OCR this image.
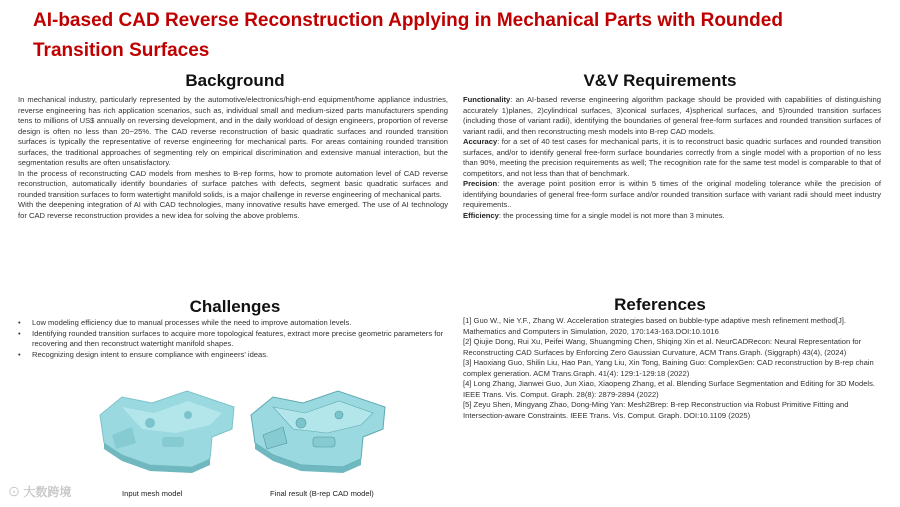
AI-based CAD Reverse Reconstruction Applying in Mechanical Parts with Rounded Transition Surfaces
Background

In mechanical industry, particularly represented by the automotive/electronics/high-end equipment/home appliance industries, reverse engineering has rich application scenarios, such as, individual small and medium-sized parts manufacturers spending tens to millions of US$ annually on reversing development, and in the daily workload of design engineers, proportion of reverse design is often no less than 20~25%. The CAD reverse reconstruction of basic quadratic surfaces and rounded transition surfaces is typically the representative of reverse engineering for mechanical parts. For areas containing rounded transition surfaces, the traditional approaches of segmenting rely on empirical discrimination and extensive manual interaction, but the segmentation results are often unsatisfactory.

In the process of reconstructing CAD models from meshes to B-rep forms, how to promote automation level of CAD reverse reconstruction, automatically identify boundaries of surface patches with defects, segment basic quadratic surfaces and rounded transition surfaces to form watertight manifold solids, is a major challenge in reverse engineering of mechanical parts.

With the deepening integration of AI with CAD technologies, many innovative results have emerged. The use of AI technology for CAD reverse reconstruction provides a new idea for solving the above problems.

V&V Requirements

Functionality: an AI-based reverse engineering algorithm package should be provided with capabilities of distinguishing accurately 1)planes, 2)cylindrical surfaces, 3)conical surfaces, 4)spherical surfaces, and 5)rounded transition surfaces (including those of variant radii), identifying the boundaries of general free-form surfaces and rounded transition surfaces of variant radii, and then reconstructing mesh models into B-rep CAD models.

Accuracy: for a set of 40 test cases for mechanical parts, it is to reconstruct basic quadric surfaces and rounded transition surfaces, and/or to identify general free-form surface boundaries correctly from a single model with a proportion of no less than 90%, meeting the precision requirements as well; The recognition rate for the same test model is comparable to that of competitors, and not less than that of benchmark.

Precision: the average point position error is within 5 times of the original modeling tolerance while the precision of identifying boundaries of general free-form surface and/or rounded transition surface with variant radii should meet industry requirements..

Efficiency: the processing time for a single model is not more than 3 minutes.

Challenges
• Low modeling efficiency due to manual processes while the need to improve automation levels.
• Identifying rounded transition surfaces to acquire more topological features, extract more precise geometric parameters for recovering and then reconstruct watertight manifold shapes.
• Recognizing design intent to ensure compliance with engineers' ideas.
Input mesh model	Final result (B-rep CAD model)
References

[1] Guo W., Nie Y.F., Zhang W. Acceleration strategies based on bubble-type adaptive mesh refinement method[J]. Mathematics and Computers in Simulation, 2020, 170:143-163.DOI:10.1016

[2] Qiujie Dong, Rui Xu, Peifei Wang, Shuangming Chen, Shiqing Xin et al. NeurCADRecon: Neural Representation for Reconstructing CAD Surfaces by Enforcing Zero Gaussian Curvature, ACM Trans.Graph. (Siggraph) 43(4), (2024)

[3] Haoxiang Guo, Shilin Liu, Hao Pan, Yang Liu, Xin Tong, Baining Guo: ComplexGen: CAD reconstruction by B-rep chain complex generation. ACM Trans.Graph. 41(4): 129:1-129:18 (2022)

[4] Long Zhang, Jianwei Guo, Jun Xiao, Xiaopeng Zhang, et al. Blending Surface Segmentation and Editing for 3D Models. IEEE Trans. Vis. Comput. Graph. 28(8): 2879-2894 (2022)

[5] Zeyu Shen, Mingyang Zhao, Dong-Ming Yan: Mesh2Brep: B-rep Reconstruction via Robust Primitive Fitting and Intersection-aware Constraints. IEEE Trans. Vis. Comput. Graph. DOI:10.1109 (2025)

⊙ 大数跨境
